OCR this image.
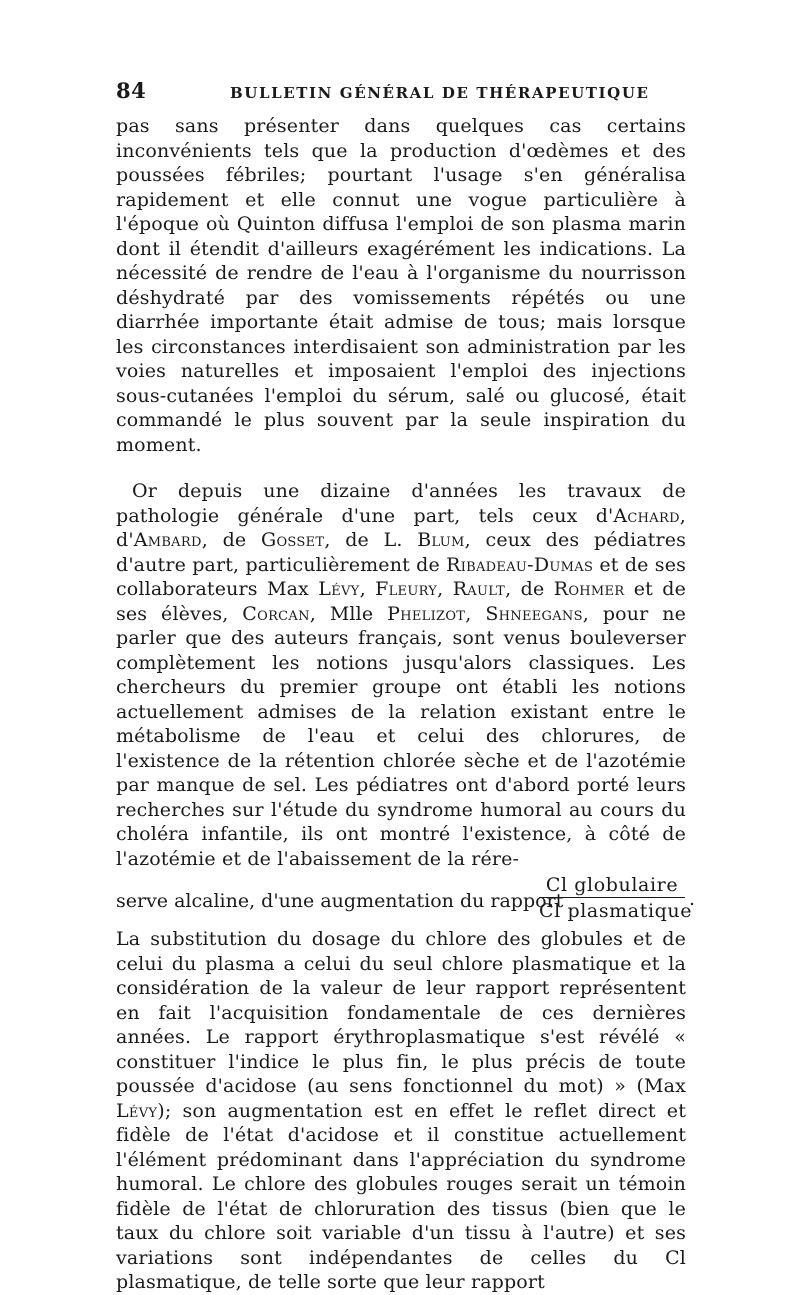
84	BULLETIN GÉNÉRAL DE THÉRAPEUTIQUE

pas sans présenter dans quelques cas certains inconvénients tels que la production d'œdèmes et des poussées fébriles; pourtant l'usage s'en généralisa rapidement et elle connut une vogue particulière à l'époque où Quinton diffusa l'emploi de son plasma marin dont il étendit d'ailleurs exagérément les indications. La nécessité de rendre de l'eau à l'organisme du nourrisson déshydraté par des vomissements répétés ou une diarrhée importante était admise de tous; mais lorsque les circonstances interdisaient son administration par les voies naturelles et imposaient l'emploi des injections sous-cutanées l'emploi du sérum, salé ou glucosé, était commandé le plus souvent par la seule inspiration du moment.

Or depuis une dizaine d'années les travaux de pathologie générale d'une part, tels ceux d'Achard, d'Ambard, de Gosset, de L. Blum, ceux des pédiatres d'autre part, particulièrement de Ribadeau-Dumas et de ses collaborateurs Max Lévy, Fleury, Rault, de Rohmer et de ses élèves, Corcan, Mlle Phelizot, Shneegans, pour ne parler que des auteurs français, sont venus bouleverser complètement les notions jusqu'alors classiques. Les chercheurs du premier groupe ont établi les notions actuellement admises de la relation existant entre le métabolisme de l'eau et celui des chlorures, de l'existence de la rétention chlorée sèche et de l'azotémie par manque de sel. Les pédiatres ont d'abord porté leurs recherches sur l'étude du syndrome humoral au cours du choléra infantile, ils ont montré l'existence, à côté de l'azotémie et de l'abaissement de la rére-

serve alcaline, d'une augmentation du rapport
Cl globulaire
Cl plasmatique
.

La substitution du dosage du chlore des globules et de celui du plasma a celui du seul chlore plasmatique et la considération de la valeur de leur rapport représentent en fait l'acquisition fondamentale de ces dernières années. Le rapport érythroplasmatique s'est révélé « constituer l'indice le plus fin, le plus précis de toute poussée d'acidose (au sens fonctionnel du mot) » (Max Lévy); son augmentation est en effet le reflet direct et fidèle de l'état d'acidose et il constitue actuellement l'élément prédominant dans l'appréciation du syndrome humoral. Le chlore des globules rouges serait un témoin fidèle de l'état de chloruration des tissus (bien que le taux du chlore soit variable d'un tissu à l'autre) et ses variations sont indépendantes de celles du Cl plasmatique, de telle sorte que leur rapport
